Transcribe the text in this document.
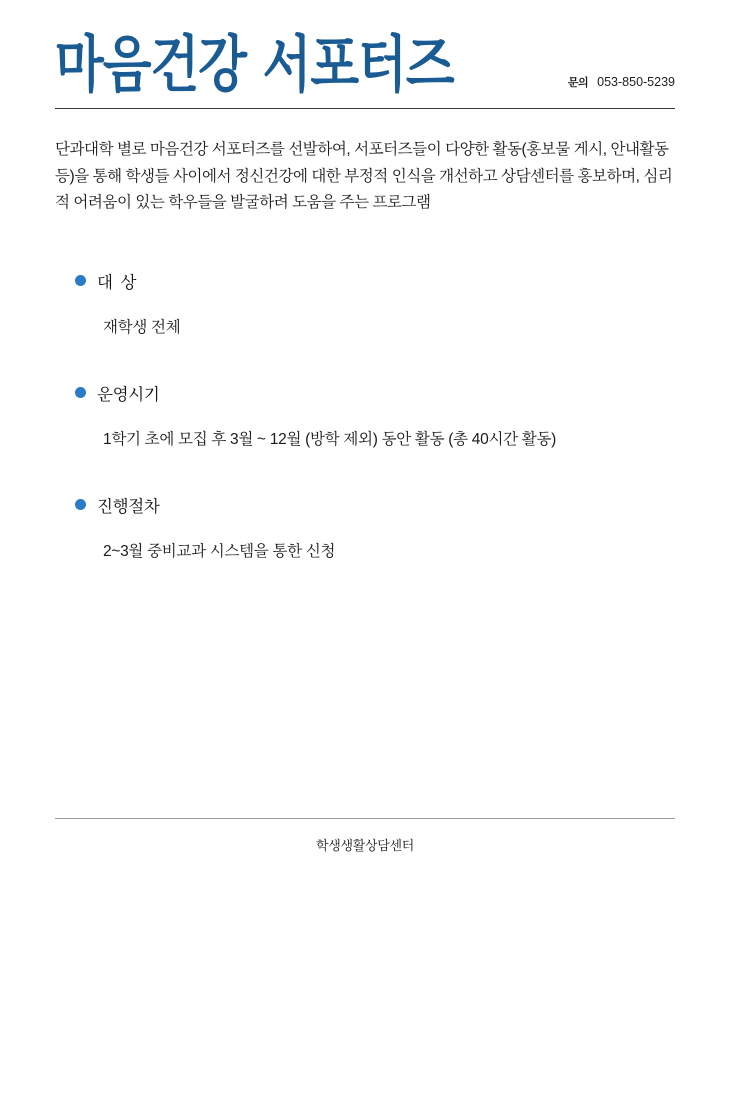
마음건강 서포터즈	문의 053-850-5239
단과대학 별로 마음건강 서포터즈를 선발하여, 서포터즈들이 다양한 활동(홍보물 게시, 안내활동 등)을 통해 학생들 사이에서 정신건강에 대한 부정적 인식을 개선하고 상담센터를 홍보하며, 심리적 어려움이 있는 학우들을 발굴하려 도움을 주는 프로그램
대 상
재학생 전체
운영시기
1학기 초에 모집 후 3월 ~ 12월 (방학 제외) 동안 활동 (총 40시간 활동)
진행절차
2~3월 중비교과 시스템을 통한 신청
학생생활상담센터
